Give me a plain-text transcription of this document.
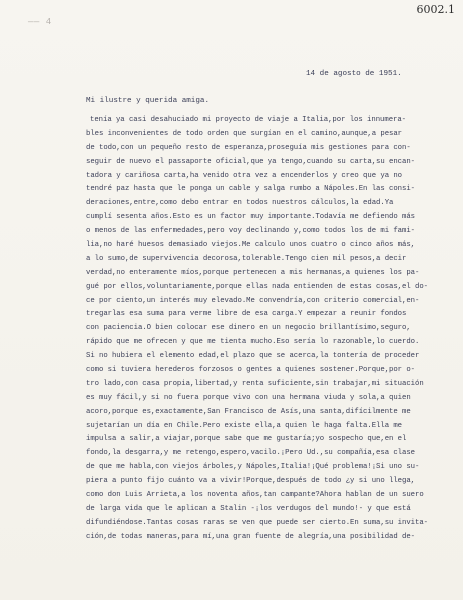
—— 4
6002.1
14 de agosto de 1951.
Mi ilustre y querida amiga.
tenía ya casi desahuciado mi proyecto de viaje a Italia,por los innumera-
bles inconvenientes de todo orden que surgían en el camino,aunque,a pesar
de todo,con un pequeño resto de esperanza,proseguía mis gestiones para con-
seguir de nuevo el passaporte oficial,que ya tengo,cuando su carta,su encan-
tadora y cariñosa carta,ha venido otra vez a encenderlos y creo que ya no
tendré paz hasta que le ponga un cable y salga rumbo a Nápoles.En las consi-
deraciones,entre,como debo entrar en todos nuestros cálculos,la edad.Ya
cumplí sesenta años.Esto es un factor muy importante.Todavía me defiendo más
o menos de las enfermedades,pero voy declinando y,como todos los de mi fami-
lia,no haré huesos demasiado viejos.Me calculo unos cuatro o cinco años más,
a lo sumo,de supervivencia decorosa,tolerable.Tengo cien mil pesos,a decir
verdad,no enteramente míos,porque pertenecen a mis hermanas,a quienes los pa-
gué por ellos,voluntariamente,porque ellas nada entienden de estas cosas,el do-
ce por ciento,un interés muy elevado.Me convendría,con criterio comercial,en-
tregarlas esa suma para verme libre de esa carga.Y empezar a reunir fondos
con paciencia.O bien colocar ese dinero en un negocio brillantísimo,seguro,
rápido que me ofrecen y que me tienta mucho.Eso sería lo razonable,lo cuerdo.
Si no hubiera el elemento edad,el plazo que se acerca,la tontería de proceder
como si tuviera herederos forzosos o gentes a quienes sostener.Porque,por o-
tro lado,con casa propia,libertad,y renta suficiente,sin trabajar,mi situación
es muy fácil,y si no fuera porque vivo con una hermana viuda y sola,a quien
acoro,porque es,exactamente,San Francisco de Asís,una santa,difícilmente me
sujetarían un día en Chile.Pero existe ella,a quien le haga falta.Ella me
impulsa a salir,a viajar,porque sabe que me gustaría;yo sospecho que,en el
fondo,la desgarra,y me retengo,espero,vacilo.¡Pero Ud.,su compañía,esa clase
de que me habla,con viejos árboles,y Nápoles,Italia!¡Qué problema!¡Si uno su-
piera a punto fijo cuánto va a vivir!Porque,después de todo ¿y si uno llega,
como don Luis Arrieta,a los noventa años,tan campante?Ahora hablan de un suero
de larga vida que le aplican a Stalin -¡los verdugos del mundo!- y que está
difundiéndose.Tantas cosas raras se ven que puede ser cierto.En suma,su invita-
ción,de todas maneras,para mí,una gran fuente de alegría,una posibilidad de-
